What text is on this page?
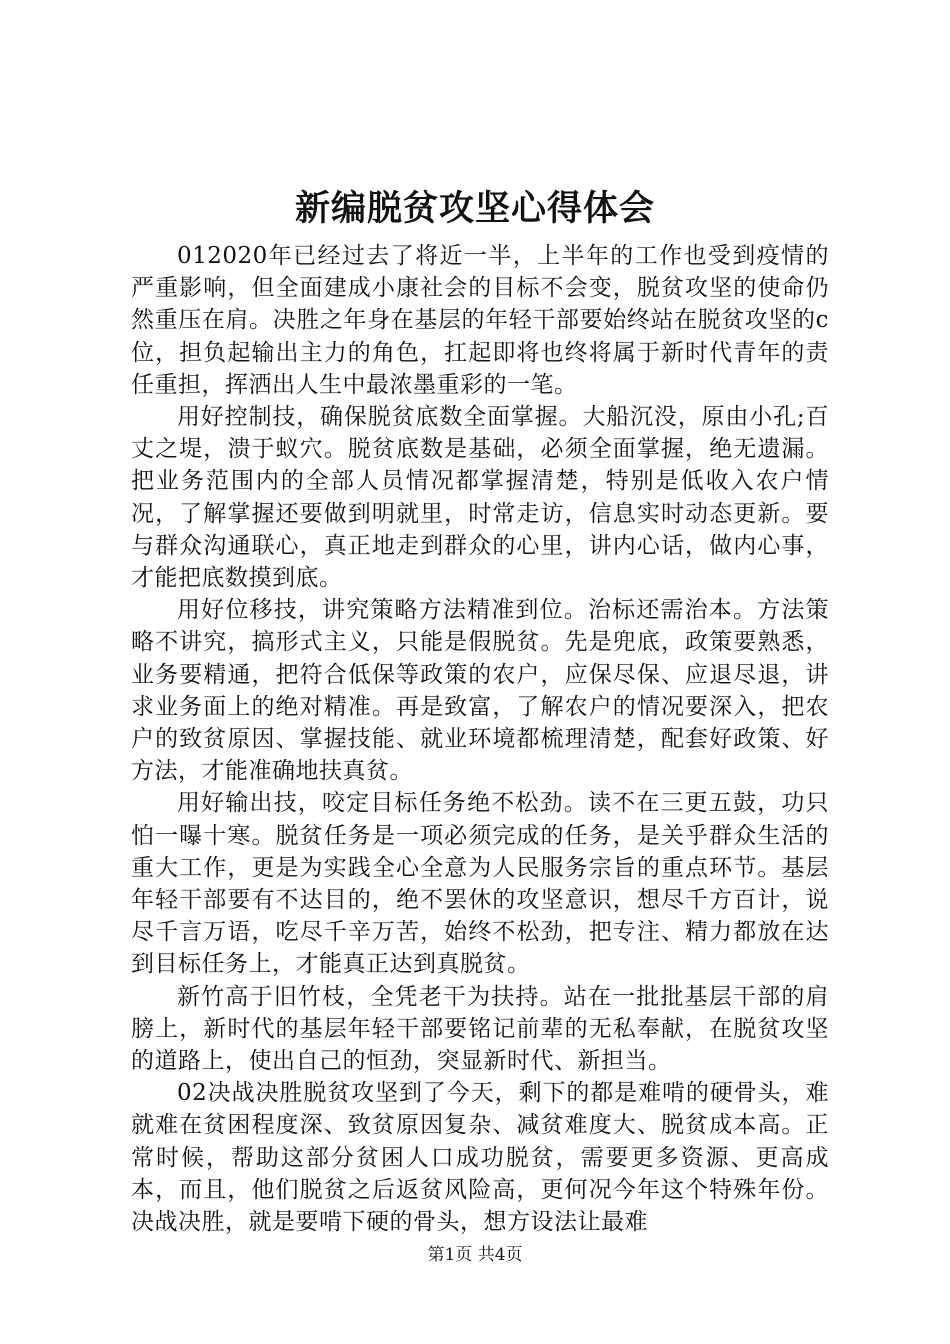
新编脱贫攻坚心得体会

012020年已经过去了将近一半，上半年的工作也受到疫情的严重影响，但全面建成小康社会的目标不会变，脱贫攻坚的使命仍然重压在肩。决胜之年身在基层的年轻干部要始终站在脱贫攻坚的c位，担负起输出主力的角色，扛起即将也终将属于新时代青年的责任重担，挥洒出人生中最浓墨重彩的一笔。

用好控制技，确保脱贫底数全面掌握。大船沉没，原由小孔;百丈之堤，溃于蚁穴。脱贫底数是基础，必须全面掌握，绝无遗漏。把业务范围内的全部人员情况都掌握清楚，特别是低收入农户情况，了解掌握还要做到明就里，时常走访，信息实时动态更新。要与群众沟通联心，真正地走到群众的心里，讲内心话，做内心事，才能把底数摸到底。

用好位移技，讲究策略方法精准到位。治标还需治本。方法策略不讲究，搞形式主义，只能是假脱贫。先是兜底，政策要熟悉，业务要精通，把符合低保等政策的农户，应保尽保、应退尽退，讲求业务面上的绝对精准。再是致富，了解农户的情况要深入，把农户的致贫原因、掌握技能、就业环境都梳理清楚，配套好政策、好方法，才能准确地扶真贫。

用好输出技，咬定目标任务绝不松劲。读不在三更五鼓，功只怕一曝十寒。脱贫任务是一项必须完成的任务，是关乎群众生活的重大工作，更是为实践全心全意为人民服务宗旨的重点环节。基层年轻干部要有不达目的，绝不罢休的攻坚意识，想尽千方百计，说尽千言万语，吃尽千辛万苦，始终不松劲，把专注、精力都放在达到目标任务上，才能真正达到真脱贫。

新竹高于旧竹枝，全凭老干为扶持。站在一批批基层干部的肩膀上，新时代的基层年轻干部要铭记前辈的无私奉献，在脱贫攻坚的道路上，使出自己的恒劲，突显新时代、新担当。

02决战决胜脱贫攻坚到了今天，剩下的都是难啃的硬骨头，难就难在贫困程度深、致贫原因复杂、减贫难度大、脱贫成本高。正常时候，帮助这部分贫困人口成功脱贫，需要更多资源、更高成本，而且，他们脱贫之后返贫风险高，更何况今年这个特殊年份。决战决胜，就是要啃下硬的骨头，想方设法让最难

第1页 共4页
